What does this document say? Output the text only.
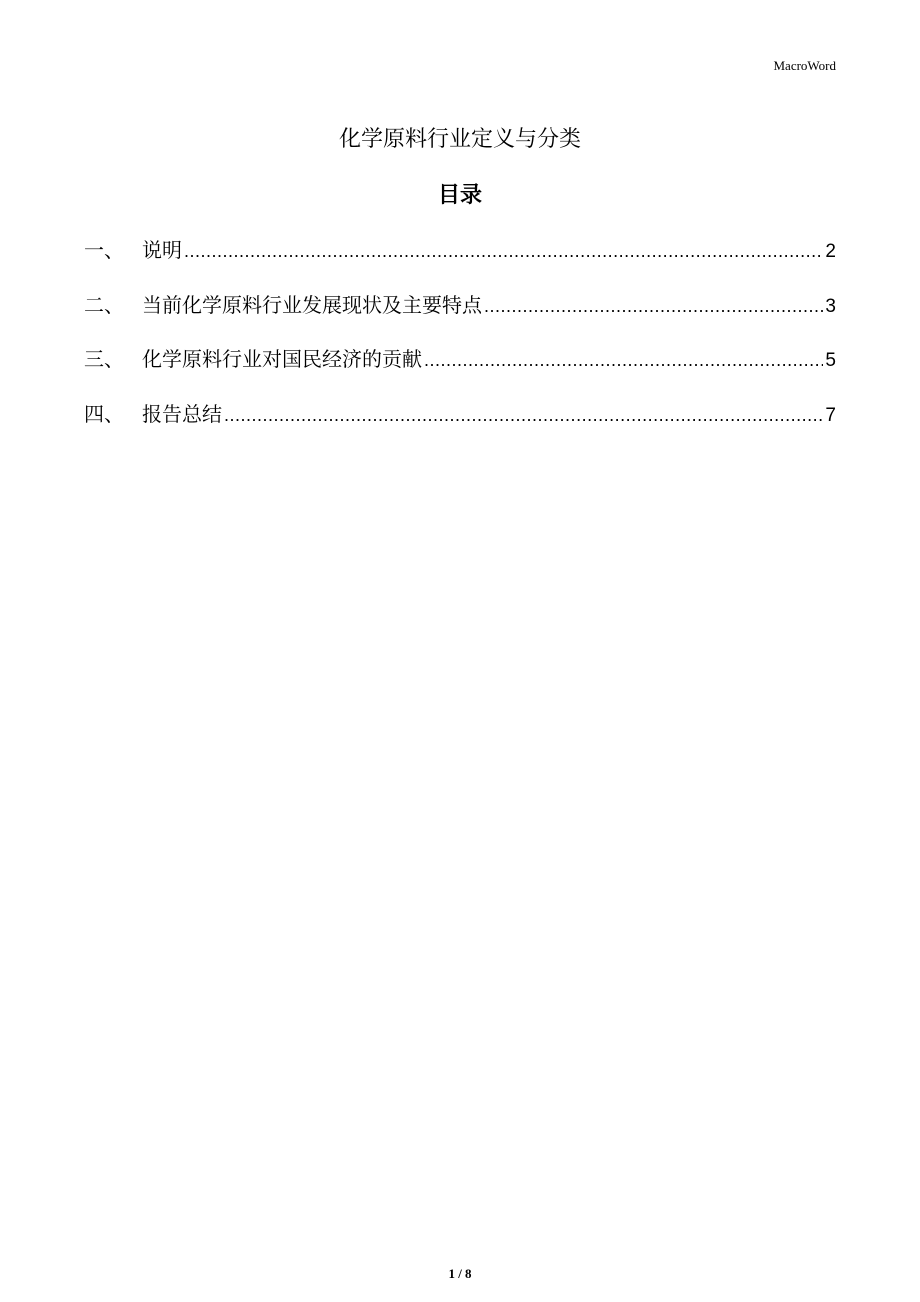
MacroWord
化学原料行业定义与分类
目录
一、 说明 .....	2
二、 当前化学原料行业发展现状及主要特点 .....	3
三、 化学原料行业对国民经济的贡献 .....	5
四、 报告总结 .....	7
1 / 8
